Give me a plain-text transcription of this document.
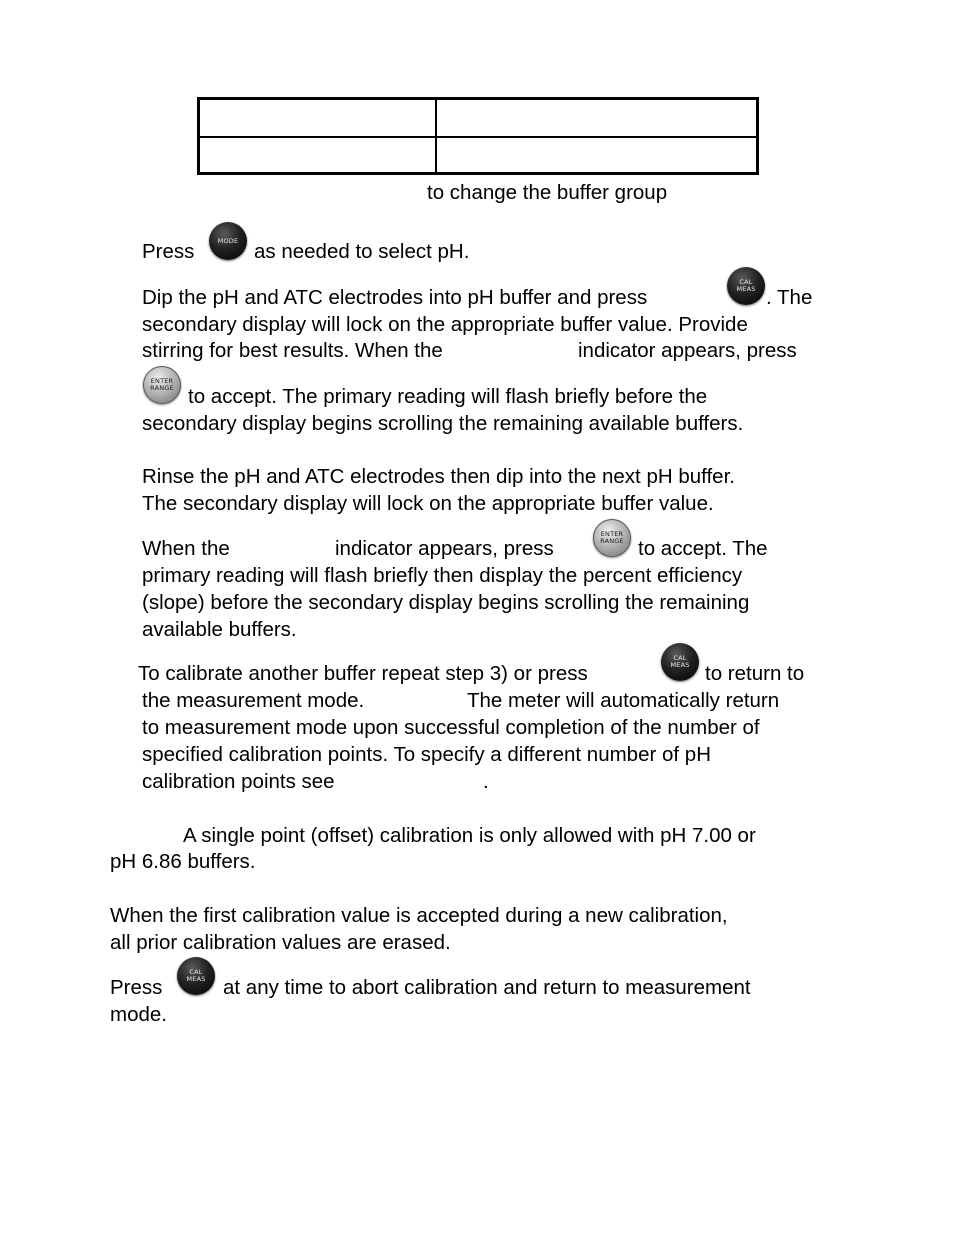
to change the buffer group
Press	MODE as needed to select pH.
Dip the pH and ATC electrodes into pH buffer and press
CAL
MEAS . The
secondary display will lock on the appropriate buffer value. Provide
stirring for best results. When the	indicator appears, press
ENTER
RANGE to accept. The primary reading will flash briefly before the
secondary display begins scrolling the remaining available buffers.
Rinse the pH and ATC electrodes then dip into the next pH buffer.
The secondary display will lock on the appropriate buffer value.
When the	indicator appears, press
ENTER
RANGE to accept. The
primary reading will flash briefly then display the percent efficiency
(slope) before the secondary display begins scrolling the remaining
available buffers.
To calibrate another buffer repeat step 3) or press
CAL
MEAS to return to
the measurement mode.	The meter will automatically return
to measurement mode upon successful completion of the number of
specified calibration points. To specify a different number of pH
calibration points see	.
A single point (offset) calibration is only allowed with pH 7.00 or
pH 6.86 buffers.
When the first calibration value is accepted during a new calibration,
all prior calibration values are erased.
Press
CAL
MEAS at any time to abort calibration and return to measurement
mode.
